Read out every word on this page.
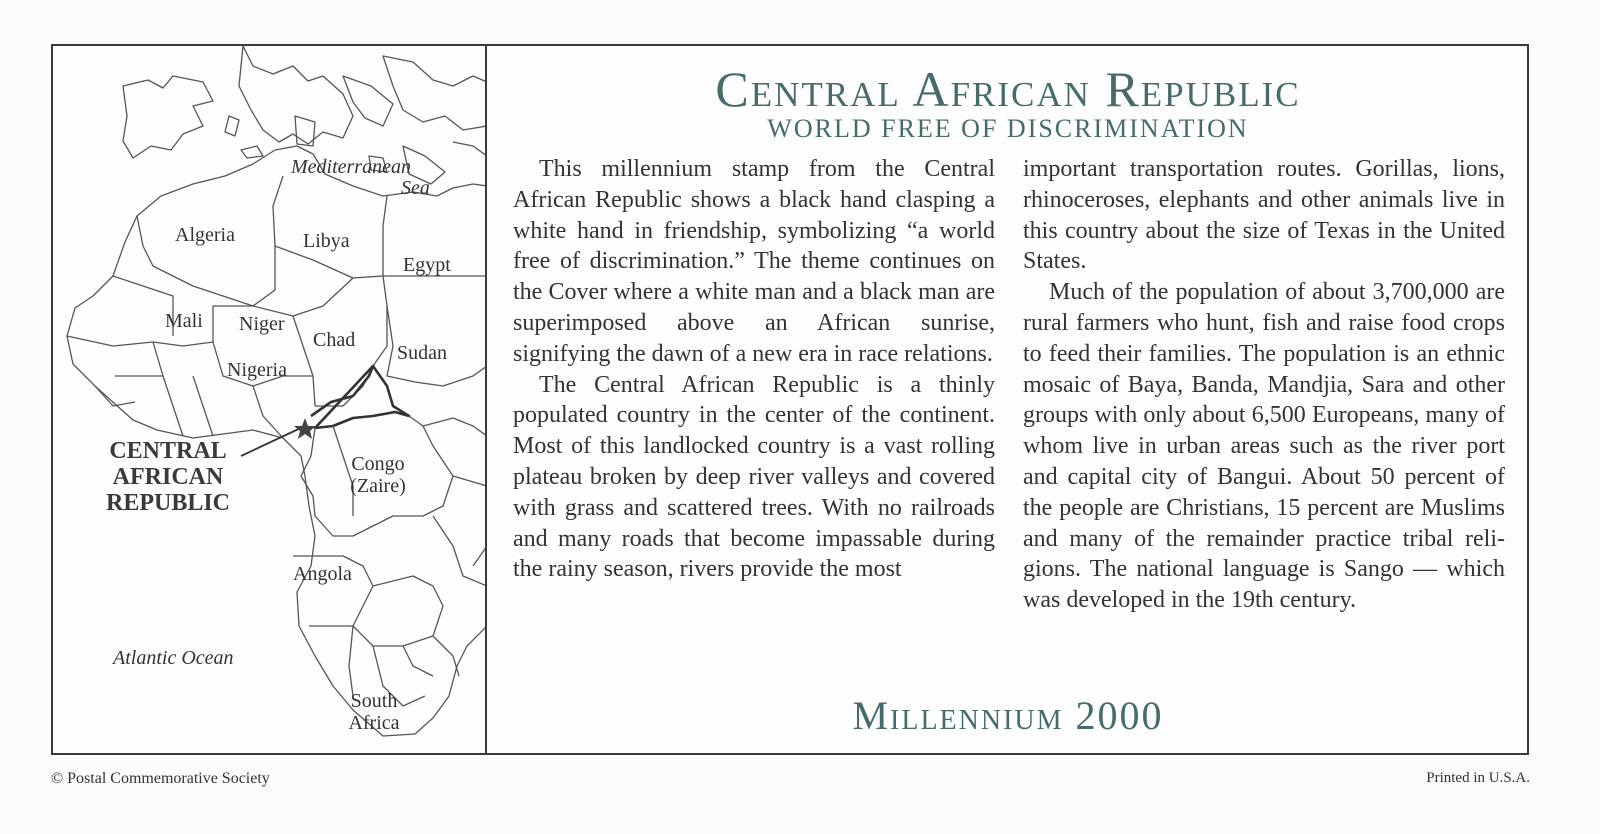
Mediterranean
Sea
Algeria	Libya
Egypt
Mali Niger
Chad
Sudan
Nigeria
Congo
(Zaire)
Angola
Atlantic Ocean
South
Africa
CENTRAL
AFRICAN
REPUBLIC
Central African Republic
WORLD FREE OF DISCRIMINATION

This millennium stamp from the Central African Republic shows a black hand clasping a white hand in friendship, symbolizing “a world free of discrimination.” The theme continues on the Cover where a white man and a black man are superimposed above an African sunrise, signifying the dawn of a new era in race relations.

The Central African Republic is a thinly populated country in the center of the continent. Most of this landlocked country is a vast rolling plateau broken by deep river valleys and covered with grass and scattered trees. With no railroads and many roads that become impassable during the rainy season, rivers provide the most

important transportation routes. Gorillas, lions, rhinoceroses, elephants and other animals live in this country about the size of Texas in the United States.

Much of the population of about 3,700,000 are rural farmers who hunt, fish and raise food crops to feed their families. The population is an ethnic mosaic of Baya, Banda, Mandjia, Sara and other groups with only about 6,500 Europeans, many of whom live in urban areas such as the river port and capital city of Bangui. About 50 percent of the people are Christians, 15 percent are Muslims and many of the remainder practice tribal religions. The national language is Sango — which was developed in the 19th century.

Millennium 2000
© Postal Commemorative Society	Printed in U.S.A.
